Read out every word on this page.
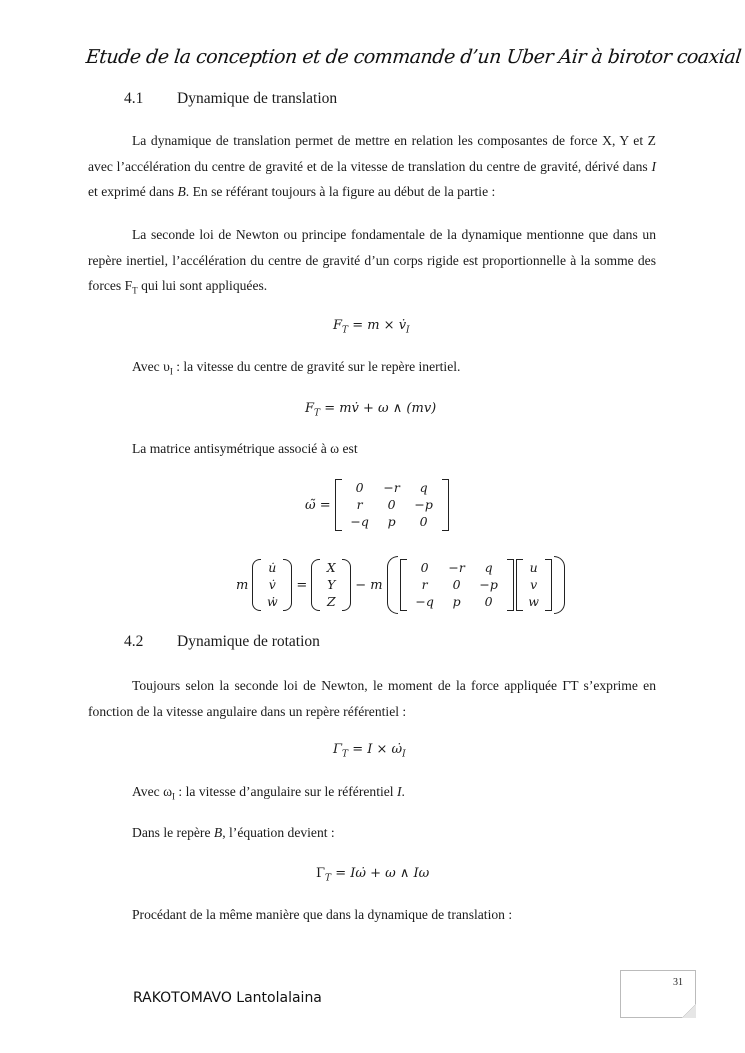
Etude de la conception et de commande d’un Uber Air à birotor coaxial
4.1 Dynamique de translation
La dynamique de translation permet de mettre en relation les composantes de force X, Y et Z avec l’accélération du centre de gravité et de la vitesse de translation du centre de gravité, dérivé dans I et exprimé dans B. En se référant toujours à la figure au début de la partie :
La seconde loi de Newton ou principe fondamentale de la dynamique mentionne que dans un repère inertiel, l’accélération du centre de gravité d’un corps rigide est proportionnelle à la somme des forces $F_T$ qui lui sont appliquées.
$F_T = m$ × $v̇_I$
Avec $\upsilon_I$ : la vitesse du centre de gravité sur le repère inertiel.
$F_T$ = mv̇ + ω ∧ (mv)
La matrice antisymétrique associé à ω est
ω̃ =
0	−r	q
r	0	−p
−q	p	0
m
u̇
v̇
ẇ
=
X
Y
Z
− m
0	−r	q
r	0	−p
−q	p	0
u
v
w
4.2 Dynamique de rotation
Toujours selon la seconde loi de Newton, le moment de la force appliquée ΓT s’exprime en fonction de la vitesse angulaire dans un repère référentiel :
$\Gamma_T = I$ × $\omegȧ_I$
Avec $\omega_I$ : la vitesse d’angulaire sur le référentiel I.
Dans le repère B, l’équation devient :
$\Gamma_T$ = Iω̇ + ω ∧ Iω
Procédant de la même manière que dans la dynamique de translation :
31
RAKOTOMAVO Lantolalaina
